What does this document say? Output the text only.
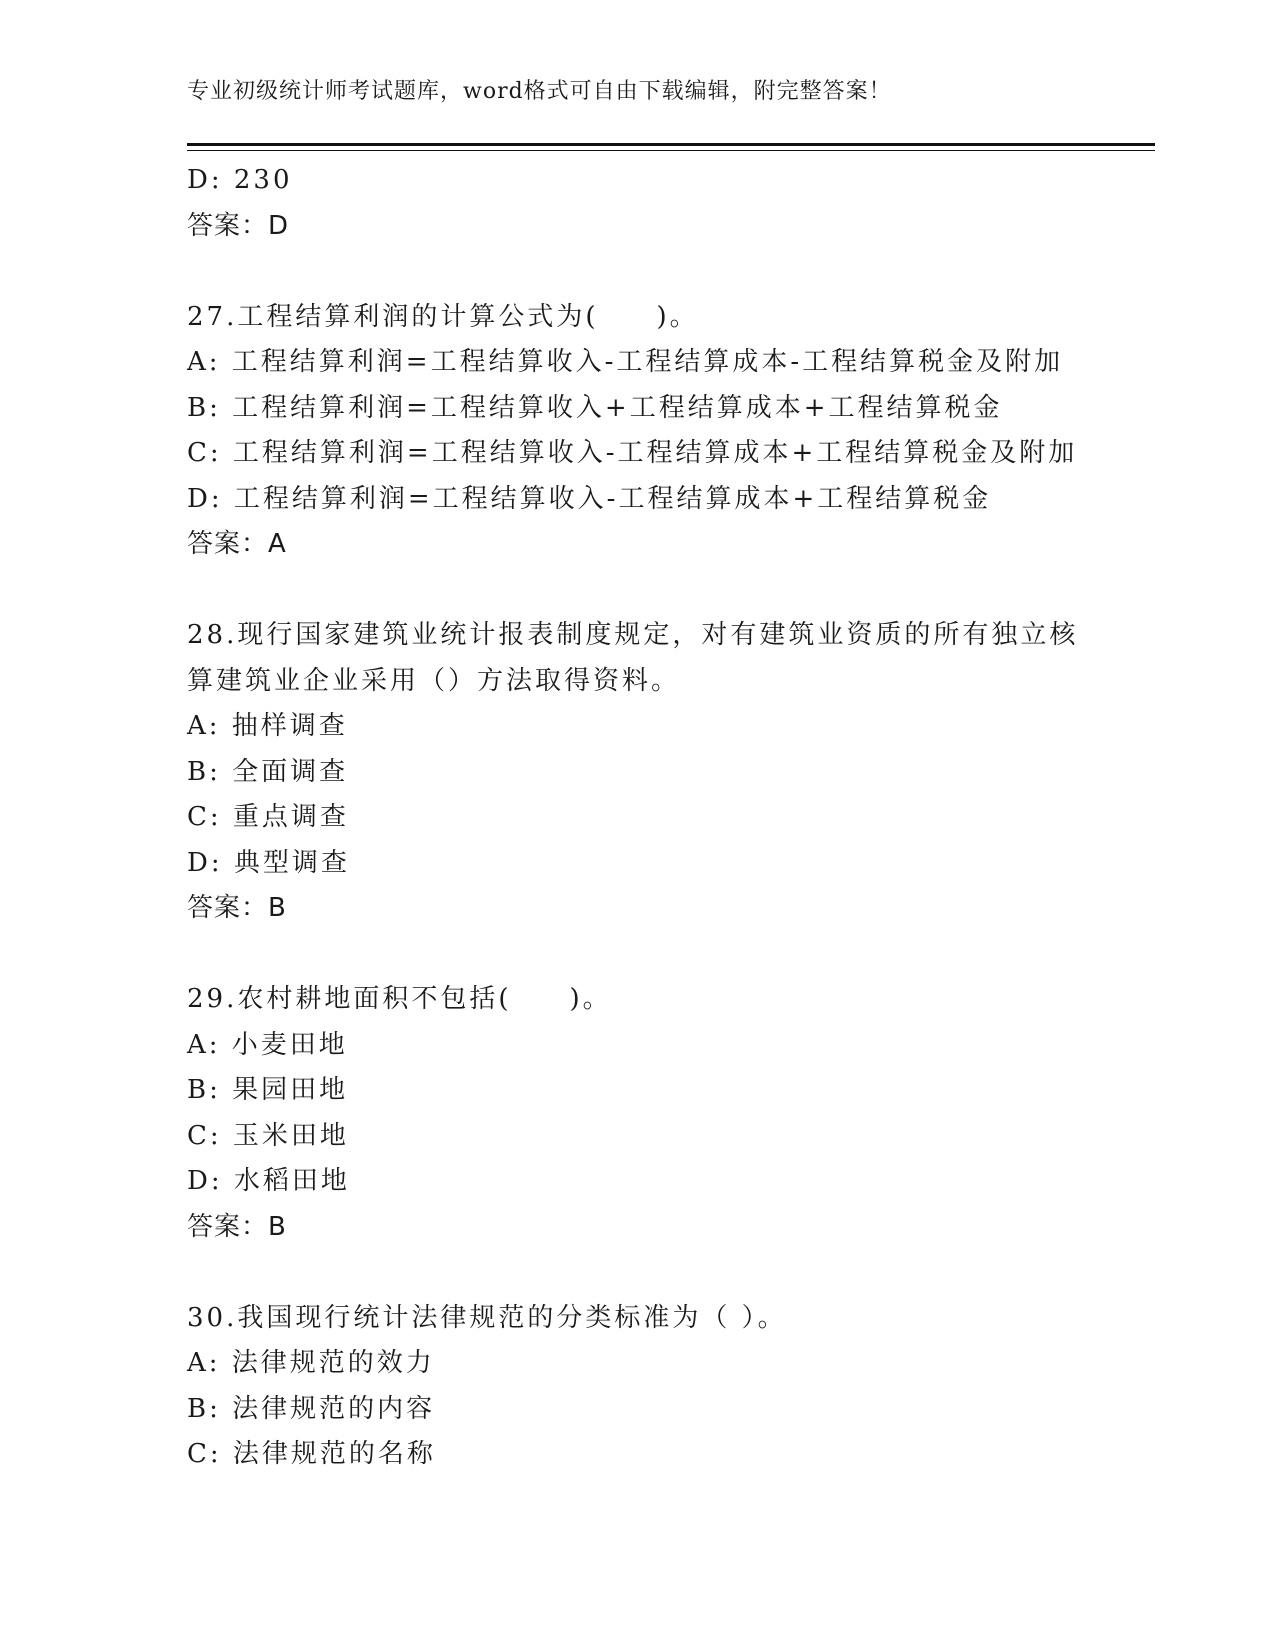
专业初级统计师考试题库，word格式可自由下载编辑，附完整答案！
D: 230
答案：D
27.工程结算利润的计算公式为(　　)。
A: 工程结算利润=工程结算收入-工程结算成本-工程结算税金及附加
B: 工程结算利润=工程结算收入+工程结算成本+工程结算税金
C: 工程结算利润=工程结算收入-工程结算成本+工程结算税金及附加
D: 工程结算利润=工程结算收入-工程结算成本+工程结算税金
答案：A
28.现行国家建筑业统计报表制度规定，对有建筑业资质的所有独立核
算建筑业企业采用（）方法取得资料。
A: 抽样调查
B: 全面调查
C: 重点调查
D: 典型调查
答案：B
29.农村耕地面积不包括(　　)。
A: 小麦田地
B: 果园田地
C: 玉米田地
D: 水稻田地
答案：B
30.我国现行统计法律规范的分类标准为（ ）。
A: 法律规范的效力
B: 法律规范的内容
C: 法律规范的名称
